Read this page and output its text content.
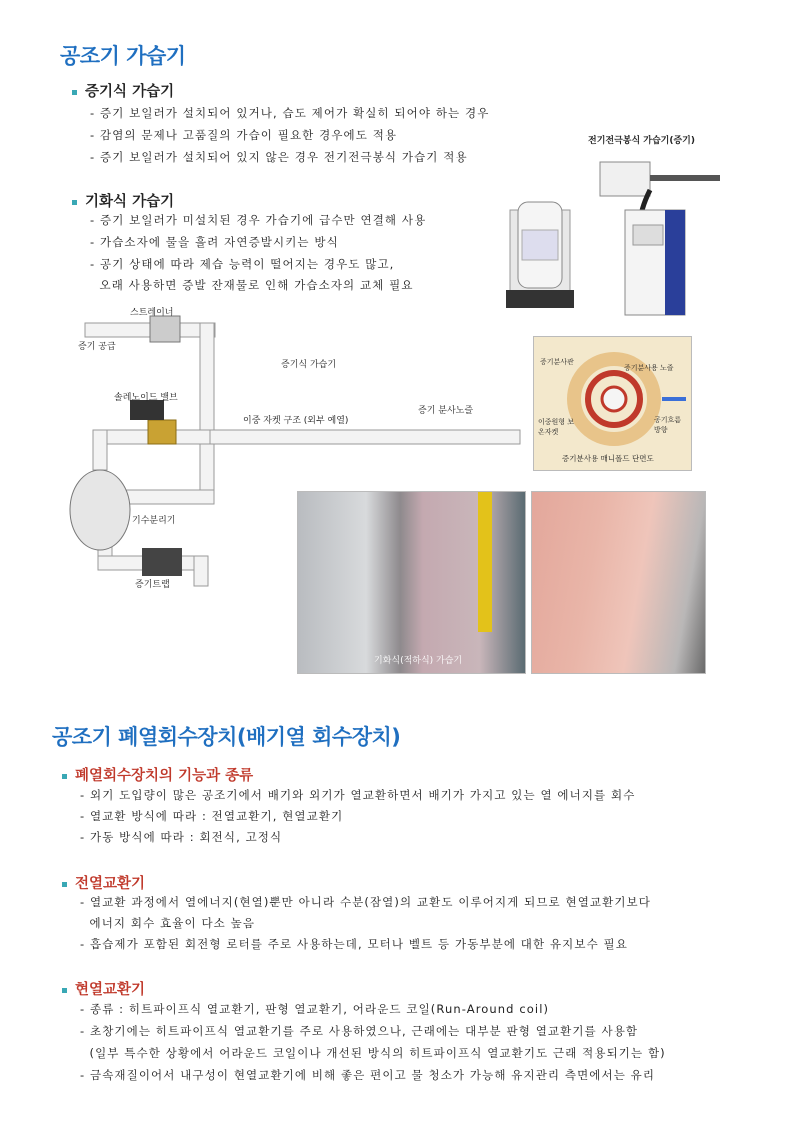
공조기 가습기
증기식 가습기
- 증기 보일러가 설치되어 있거나, 습도 제어가 확실히 되어야 하는 경우
- 감염의 문제나 고품질의 가습이 필요한 경우에도 적용
- 증기 보일러가 설치되어 있지 않은 경우 전기전극봉식 가습기 적용
기화식 가습기
- 증기 보일러가 미설치된 경우 가습기에 급수만 연결해 사용
- 가습소자에 물을 흘려 자연증발시키는 방식
- 공기 상태에 따라 제습 능력이 떨어지는 경우도 많고,
오래 사용하면 증발 잔재물로 인해 가습소자의 교체 필요
전기전극봉식 가습기(증기)
스트레이너
증기 공급
증기식 가습기
솔레노이드 밸브
이중 자켓 구조 (외부 예열)
증기 분사노즐
기수분리기
증기트랩
증기분사관
증기분사용 노즐
이중원형 보온자켓
공기흐름 방향
증기분사용 매니폴드 단면도
기화식(적하식) 가습기
공조기 폐열회수장치(배기열 회수장치)
폐열회수장치의 기능과 종류
- 외기 도입량이 많은 공조기에서 배기와 외기가 열교환하면서 배기가 가지고 있는 열 에너지를 회수
- 열교환 방식에 따라 : 전열교환기, 현열교환기
- 가동 방식에 따라 : 회전식, 고정식
전열교환기
- 열교환 과정에서 열에너지(현열)뿐만 아니라 수분(잠열)의 교환도 이루어지게 되므로 현열교환기보다
에너지 회수 효율이 다소 높음
- 흡습제가 포함된 회전형 로터를 주로 사용하는데, 모터나 벨트 등 가동부분에 대한 유지보수 필요
현열교환기
- 종류 : 히트파이프식 열교환기, 판형 열교환기, 어라운드 코일(Run-Around coil)
- 초창기에는 히트파이프식 열교환기를 주로 사용하였으나, 근래에는 대부분 판형 열교환기를 사용함
(일부 특수한 상황에서 어라운드 코일이나 개선된 방식의 히트파이프식 열교환기도 근래 적용되기는 함)
- 금속재질이어서 내구성이 현열교환기에 비해 좋은 편이고 물 청소가 가능해 유지관리 측면에서는 유리
